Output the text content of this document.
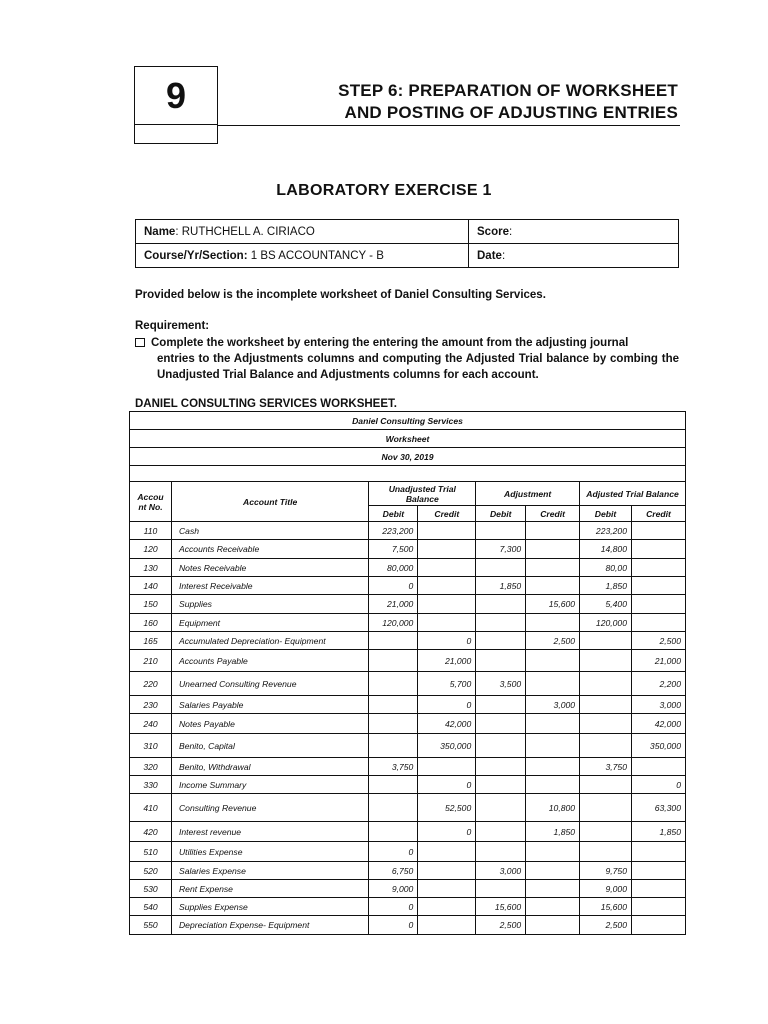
9	STEP 6: PREPARATION OF WORKSHEET
AND POSTING OF ADJUSTING ENTRIES
LABORATORY EXERCISE 1
Name: RUTHCHELL A. CIRIACO	Score:
Course/Yr/Section: 1 BS ACCOUNTANCY - B	Date:
Provided below is the incomplete worksheet of Daniel Consulting Services.
Requirement:
Complete the worksheet by entering the entering the amount from the adjusting journal
entries to the Adjustments columns and computing the Adjusted Trial balance by combing the Unadjusted Trial Balance and Adjustments columns for each account.
DANIEL CONSULTING SERVICES WORKSHEET.
Daniel Consulting Services							
Worksheet							
Nov 30, 2019							

Accou nt No.	Account Title	Unadjusted Trial Balance		Adjustment		Adjusted Trial Balance	
		Debit	Credit	Debit	Credit	Debit	Credit
110	Cash	223,200				223,200	
120	Accounts Receivable	7,500		7,300		14,800	
130	Notes Receivable	80,000				80,00	
140	Interest Receivable	0		1,850		1,850	
150	Supplies	21,000			15,600	5,400	
160	Equipment	120,000				120,000	
165	Accumulated Depreciation- Equipment		0		2,500		2,500
210	Accounts Payable		21,000				21,000
220	Unearned Consulting Revenue		5,700	3,500			2,200
230	Salaries Payable		0		3,000		3,000
240	Notes Payable		42,000				42,000
310	Benito, Capital		350,000				350,000
320	Benito, Withdrawal	3,750				3,750	
330	Income Summary		0				0
410	Consulting Revenue		52,500		10,800		63,300
420	Interest revenue		0		1,850		1,850
510	Utilities Expense	0					
520	Salaries Expense	6,750		3,000		9,750	
530	Rent Expense	9,000				9,000	
540	Supplies Expense	0		15,600		15,600	
550	Depreciation Expense- Equipment	0		2,500		2,500	
